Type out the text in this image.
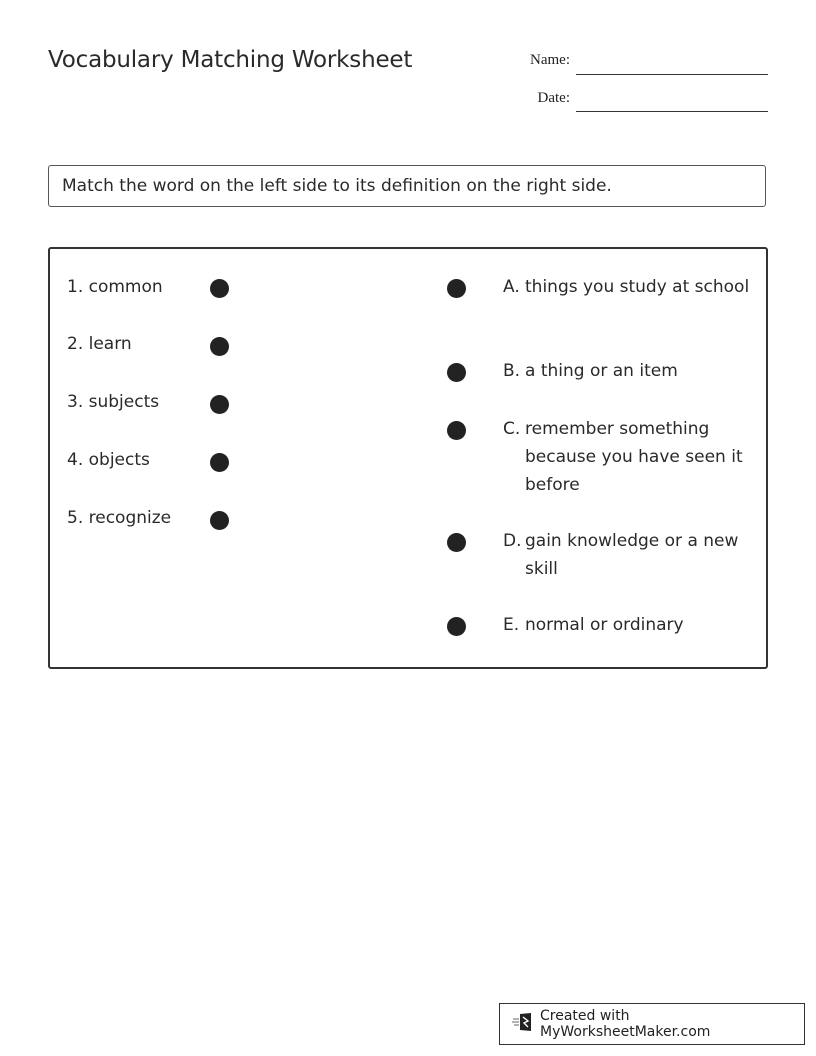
Vocabulary Matching Worksheet	Name:
Date:
Match the word on the left side to its definition on the right side.
1. common
2. learn
3. subjects
4. objects
5. recognize
A. things you study at school
B. a thing or an item
C. remember something because you have seen it before
D. gain knowledge or a new skill
E. normal or ordinary
Created with MyWorksheetMaker.com
